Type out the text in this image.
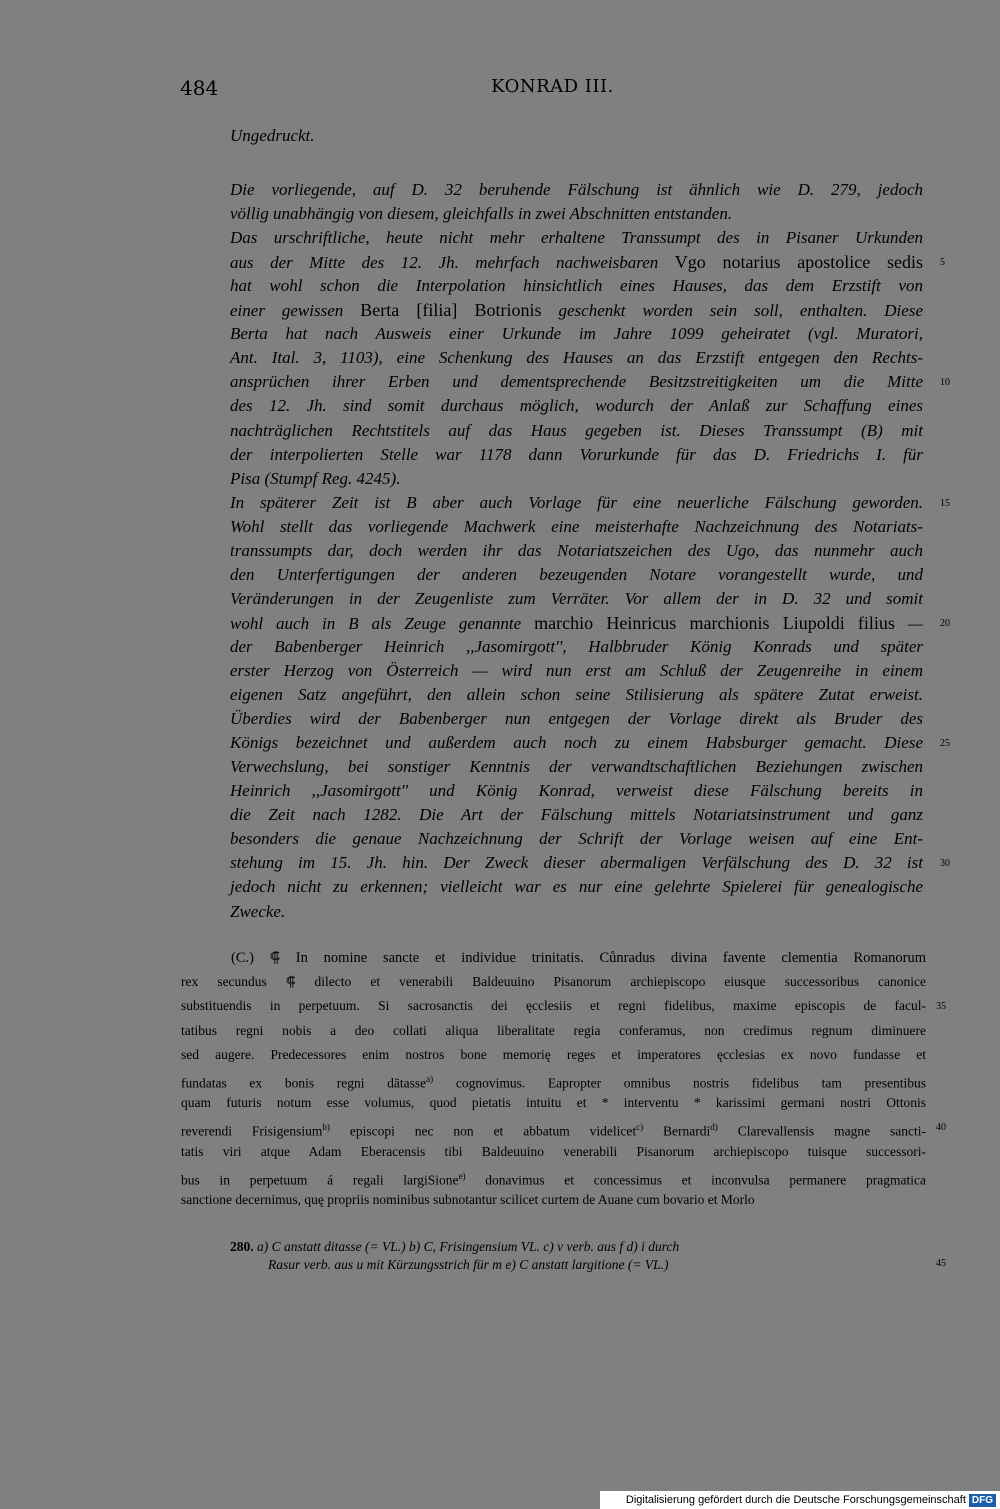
484	KONRAD III.
Ungedruckt.
Die vorliegende, auf D. 32 beruhende Fälschung ist ähnlich wie D. 279, jedoch
völlig unabhängig von diesem, gleichfalls in zwei Abschnitten entstanden.
Das urschriftliche, heute nicht mehr erhaltene Transsumpt des in Pisaner Urkunden
aus der Mitte des 12. Jh. mehrfach nachweisbaren Vgo notarius apostolice sedis 5
hat wohl schon die Interpolation hinsichtlich eines Hauses, das dem Erzstift von
einer gewissen Berta [filia] Botrionis geschenkt worden sein soll, enthalten. Diese
Berta hat nach Ausweis einer Urkunde im Jahre 1099 geheiratet (vgl. Muratori,
Ant. Ital. 3, 1103), eine Schenkung des Hauses an das Erzstift entgegen den Rechts-
ansprüchen ihrer Erben und dementsprechende Besitzstreitigkeiten um die Mitte 10
des 12. Jh. sind somit durchaus möglich, wodurch der Anlaß zur Schaffung eines
nachträglichen Rechtstitels auf das Haus gegeben ist. Dieses Transsumpt (B) mit
der interpolierten Stelle war 1178 dann Vorurkunde für das D. Friedrichs I. für
Pisa (Stumpf Reg. 4245).
In späterer Zeit ist B aber auch Vorlage für eine neuerliche Fälschung geworden. 15
Wohl stellt das vorliegende Machwerk eine meisterhafte Nachzeichnung des Notariats-
transsumpts dar, doch werden ihr das Notariatszeichen des Ugo, das nunmehr auch
den Unterfertigungen der anderen bezeugenden Notare vorangestellt wurde, und
Veränderungen in der Zeugenliste zum Verräter. Vor allem der in D. 32 und somit
wohl auch in B als Zeuge genannte marchio Heinricus marchionis Liupoldi filius — 20
der Babenberger Heinrich ,,Jasomirgott'', Halbbruder König Konrads und später
erster Herzog von Österreich — wird nun erst am Schluß der Zeugenreihe in einem
eigenen Satz angeführt, den allein schon seine Stilisierung als spätere Zutat erweist.
Überdies wird der Babenberger nun entgegen der Vorlage direkt als Bruder des
Königs bezeichnet und außerdem auch noch zu einem Habsburger gemacht. Diese 25
Verwechslung, bei sonstiger Kenntnis der verwandtschaftlichen Beziehungen zwischen
Heinrich ,,Jasomirgott'' und König Konrad, verweist diese Fälschung bereits in
die Zeit nach 1282. Die Art der Fälschung mittels Notariatsinstrument und ganz
besonders die genaue Nachzeichnung der Schrift der Vorlage weisen auf eine Ent-
stehung im 15. Jh. hin. Der Zweck dieser abermaligen Verfälschung des D. 32 ist 30
jedoch nicht zu erkennen; vielleicht war es nur eine gelehrte Spielerei für genealogische
Zwecke.
(C.) ⸿ In nomine sancte et individue trinitatis. Cůnradus divina favente clementia Romanorum
rex secundus ⸿ dilecto et venerabili Baldeuuino Pisanorum archiepiscopo eiusque successoribus canonice
substituendis in perpetuum. Si sacrosanctis dei ęcclesiis et regni fidelibus, maxime episcopis de facul- 35
tatibus regni nobis a deo collati aliqua liberalitate regia conferamus, non credimus regnum diminuere
sed augere. Predecessores enim nostros bone memorię reges et imperatores ęcclesias ex novo fundasse et
fundatas ex bonis regni dātasse$^{a)}$ cognovimus. Eapropter omnibus nostris fidelibus tam presentibus
quam futuris notum esse volumus, quod pietatis intuitu et * interventu * karissimi germani nostri Ottonis
reverendi Frisigensium$^{b)}$ episcopi nec non et abbatum videlicet$^{c)}$ Bernardi$^{d)}$ Clarevallensis magne sancti- 40
tatis viri atque Adam Eberacensis tibi Baldeuuino venerabili Pisanorum archiepiscopo tuisque successori-
bus in perpetuum á regali largiSione$^{e)}$ donavimus et concessimus et inconvulsa permanere pragmatica
sanctione decernimus, quę propriis nominibus subnotantur scilicet curtem de Auane cum bovario et Morlo
280. a) C anstatt ditasse (= VL.) b) C, Frisingensium VL. c) v verb. aus f d) i durch
Rasur verb. aus u mit Kürzungsstrich für m e) C anstatt largitione (= VL.)	45
Digitalisierung gefördert durch die Deutsche Forschungsgemeinschaft DFG
